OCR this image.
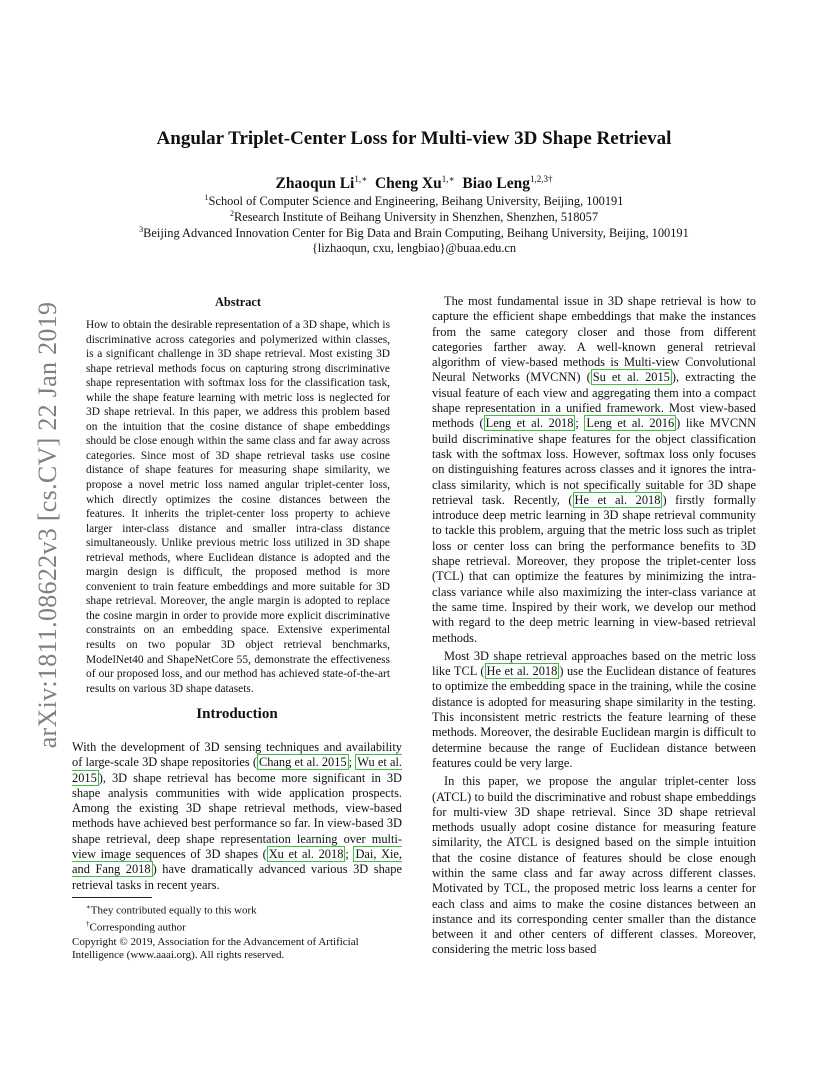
arXiv:1811.08622v3 [cs.CV] 22 Jan 2019
Angular Triplet-Center Loss for Multi-view 3D Shape Retrieval
Zhaoqun $Li^{1,∗}$ Cheng $Xu^{1,∗}$ Biao Leng$^{1,2,3\dagger}$
$^1$School of Computer Science and Engineering, Beihang University, Beijing, 100191
$^2$Research Institute of Beihang University in Shenzhen, Shenzhen, 518057
$^3$Beijing Advanced Innovation Center for Big Data and Brain Computing, Beihang University, Beijing, 100191
{lizhaoqun, cxu, lengbiao}@buaa.edu.cn
Abstract
How to obtain the desirable representation of a 3D shape, which is discriminative across categories and polymerized within classes, is a significant challenge in 3D shape retrieval. Most existing 3D shape retrieval methods focus on capturing strong discriminative shape representation with softmax loss for the classification task, while the shape feature learning with metric loss is neglected for 3D shape retrieval. In this paper, we address this problem based on the intuition that the cosine distance of shape embeddings should be close enough within the same class and far away across categories. Since most of 3D shape retrieval tasks use cosine distance of shape features for measuring shape similarity, we propose a novel metric loss named angular triplet-center loss, which directly optimizes the cosine distances between the features. It inherits the triplet-center loss property to achieve larger inter-class distance and smaller intra-class distance simultaneously. Unlike previous metric loss utilized in 3D shape retrieval methods, where Euclidean distance is adopted and the margin design is difficult, the proposed method is more convenient to train feature embeddings and more suitable for 3D shape retrieval. Moreover, the angle margin is adopted to replace the cosine margin in order to provide more explicit discriminative constraints on an embedding space. Extensive experimental results on two popular 3D object retrieval benchmarks, ModelNet40 and ShapeNetCore 55, demonstrate the effectiveness of our proposed loss, and our method has achieved state-of-the-art results on various 3D shape datasets.
Introduction

With the development of 3D sensing techniques and availability of large-scale 3D shape repositories ( Chang et al. 2015 ; Wu et al. 2015 ), 3D shape retrieval has become more significant in 3D shape analysis communities with wide application prospects. Among the existing 3D shape retrieval methods, view-based methods have achieved best performance so far. In view-based 3D shape retrieval, deep shape representation learning over multi-view image sequences of 3D shapes ( Xu et al. 2018 ; Dai, Xie, and Fang 2018 ) have dramatically advanced various 3D shape retrieval tasks in recent years.

∗They contributed equally to this work
†Corresponding author
Copyright © 2019, Association for the Advancement of Artificial Intelligence (www.aaai.org). All rights reserved.

The most fundamental issue in 3D shape retrieval is how to capture the efficient shape embeddings that make the instances from the same category closer and those from different categories farther away. A well-known general retrieval algorithm of view-based methods is Multi-view Convolutional Neural Networks (MVCNN) ( Su et al. 2015 ), extracting the visual feature of each view and aggregating them into a compact shape representation in a unified framework. Most view-based methods ( Leng et al. 2018 ; Leng et al. 2016 ) like MVCNN build discriminative shape features for the object classification task with the softmax loss. However, softmax loss only focuses on distinguishing features across classes and it ignores the intra-class similarity, which is not specifically suitable for 3D shape retrieval task. Recently, ( He et al. 2018 ) firstly formally introduce deep metric learning in 3D shape retrieval community to tackle this problem, arguing that the metric loss such as triplet loss or center loss can bring the performance benefits to 3D shape retrieval. Moreover, they propose the triplet-center loss (TCL) that can optimize the features by minimizing the intra-class variance while also maximizing the inter-class variance at the same time. Inspired by their work, we develop our method with regard to the deep metric learning in view-based retrieval methods.

Most 3D shape retrieval approaches based on the metric loss like TCL ( He et al. 2018 ) use the Euclidean distance of features to optimize the embedding space in the training, while the cosine distance is adopted for measuring shape similarity in the testing. This inconsistent metric restricts the feature learning of these methods. Moreover, the desirable Euclidean margin is difficult to determine because the range of Euclidean distance between features could be very large.

In this paper, we propose the angular triplet-center loss (ATCL) to build the discriminative and robust shape embeddings for multi-view 3D shape retrieval. Since 3D shape retrieval methods usually adopt cosine distance for measuring feature similarity, the ATCL is designed based on the simple intuition that the cosine distance of features should be close enough within the same class and far away across different classes. Motivated by TCL, the proposed metric loss learns a center for each class and aims to make the cosine distances between an instance and its corresponding center smaller than the distance between it and other centers of different classes. Moreover, considering the metric loss based
